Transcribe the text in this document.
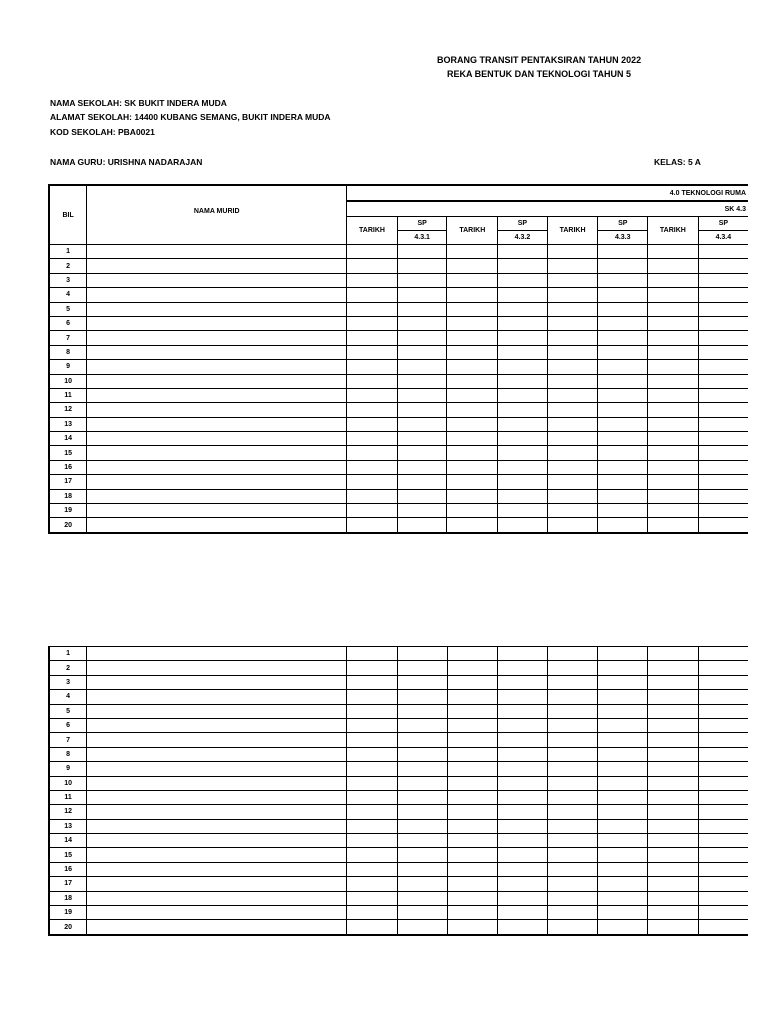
BORANG TRANSIT PENTAKSIRAN TAHUN 2022
REKA BENTUK DAN TEKNOLOGI TAHUN 5
NAMA SEKOLAH: SK BUKIT INDERA MUDA
ALAMAT SEKOLAH: 14400 KUBANG SEMANG, BUKIT INDERA MUDA
KOD SEKOLAH: PBA0021
NAMA GURU: URISHNA NADARAJAN	KELAS: 5 A
BIL	NAMA MURID	4.0 TEKNOLOGI RUMA							
		SK 4.3							
		TARIKH	SP	TARIKH	SP	TARIKH	SP	TARIKH	SP
			4.3.1		4.3.2		4.3.3		4.3.4
1									
2									
3									
4									
5									
6									
7									
8									
9									
10									
11									
12									
13									
14									
15									
16									
17									
18									
19									
20									
1									
2									
3									
4									
5									
6									
7									
8									
9									
10									
11									
12									
13									
14									
15									
16									
17									
18									
19									
20									
